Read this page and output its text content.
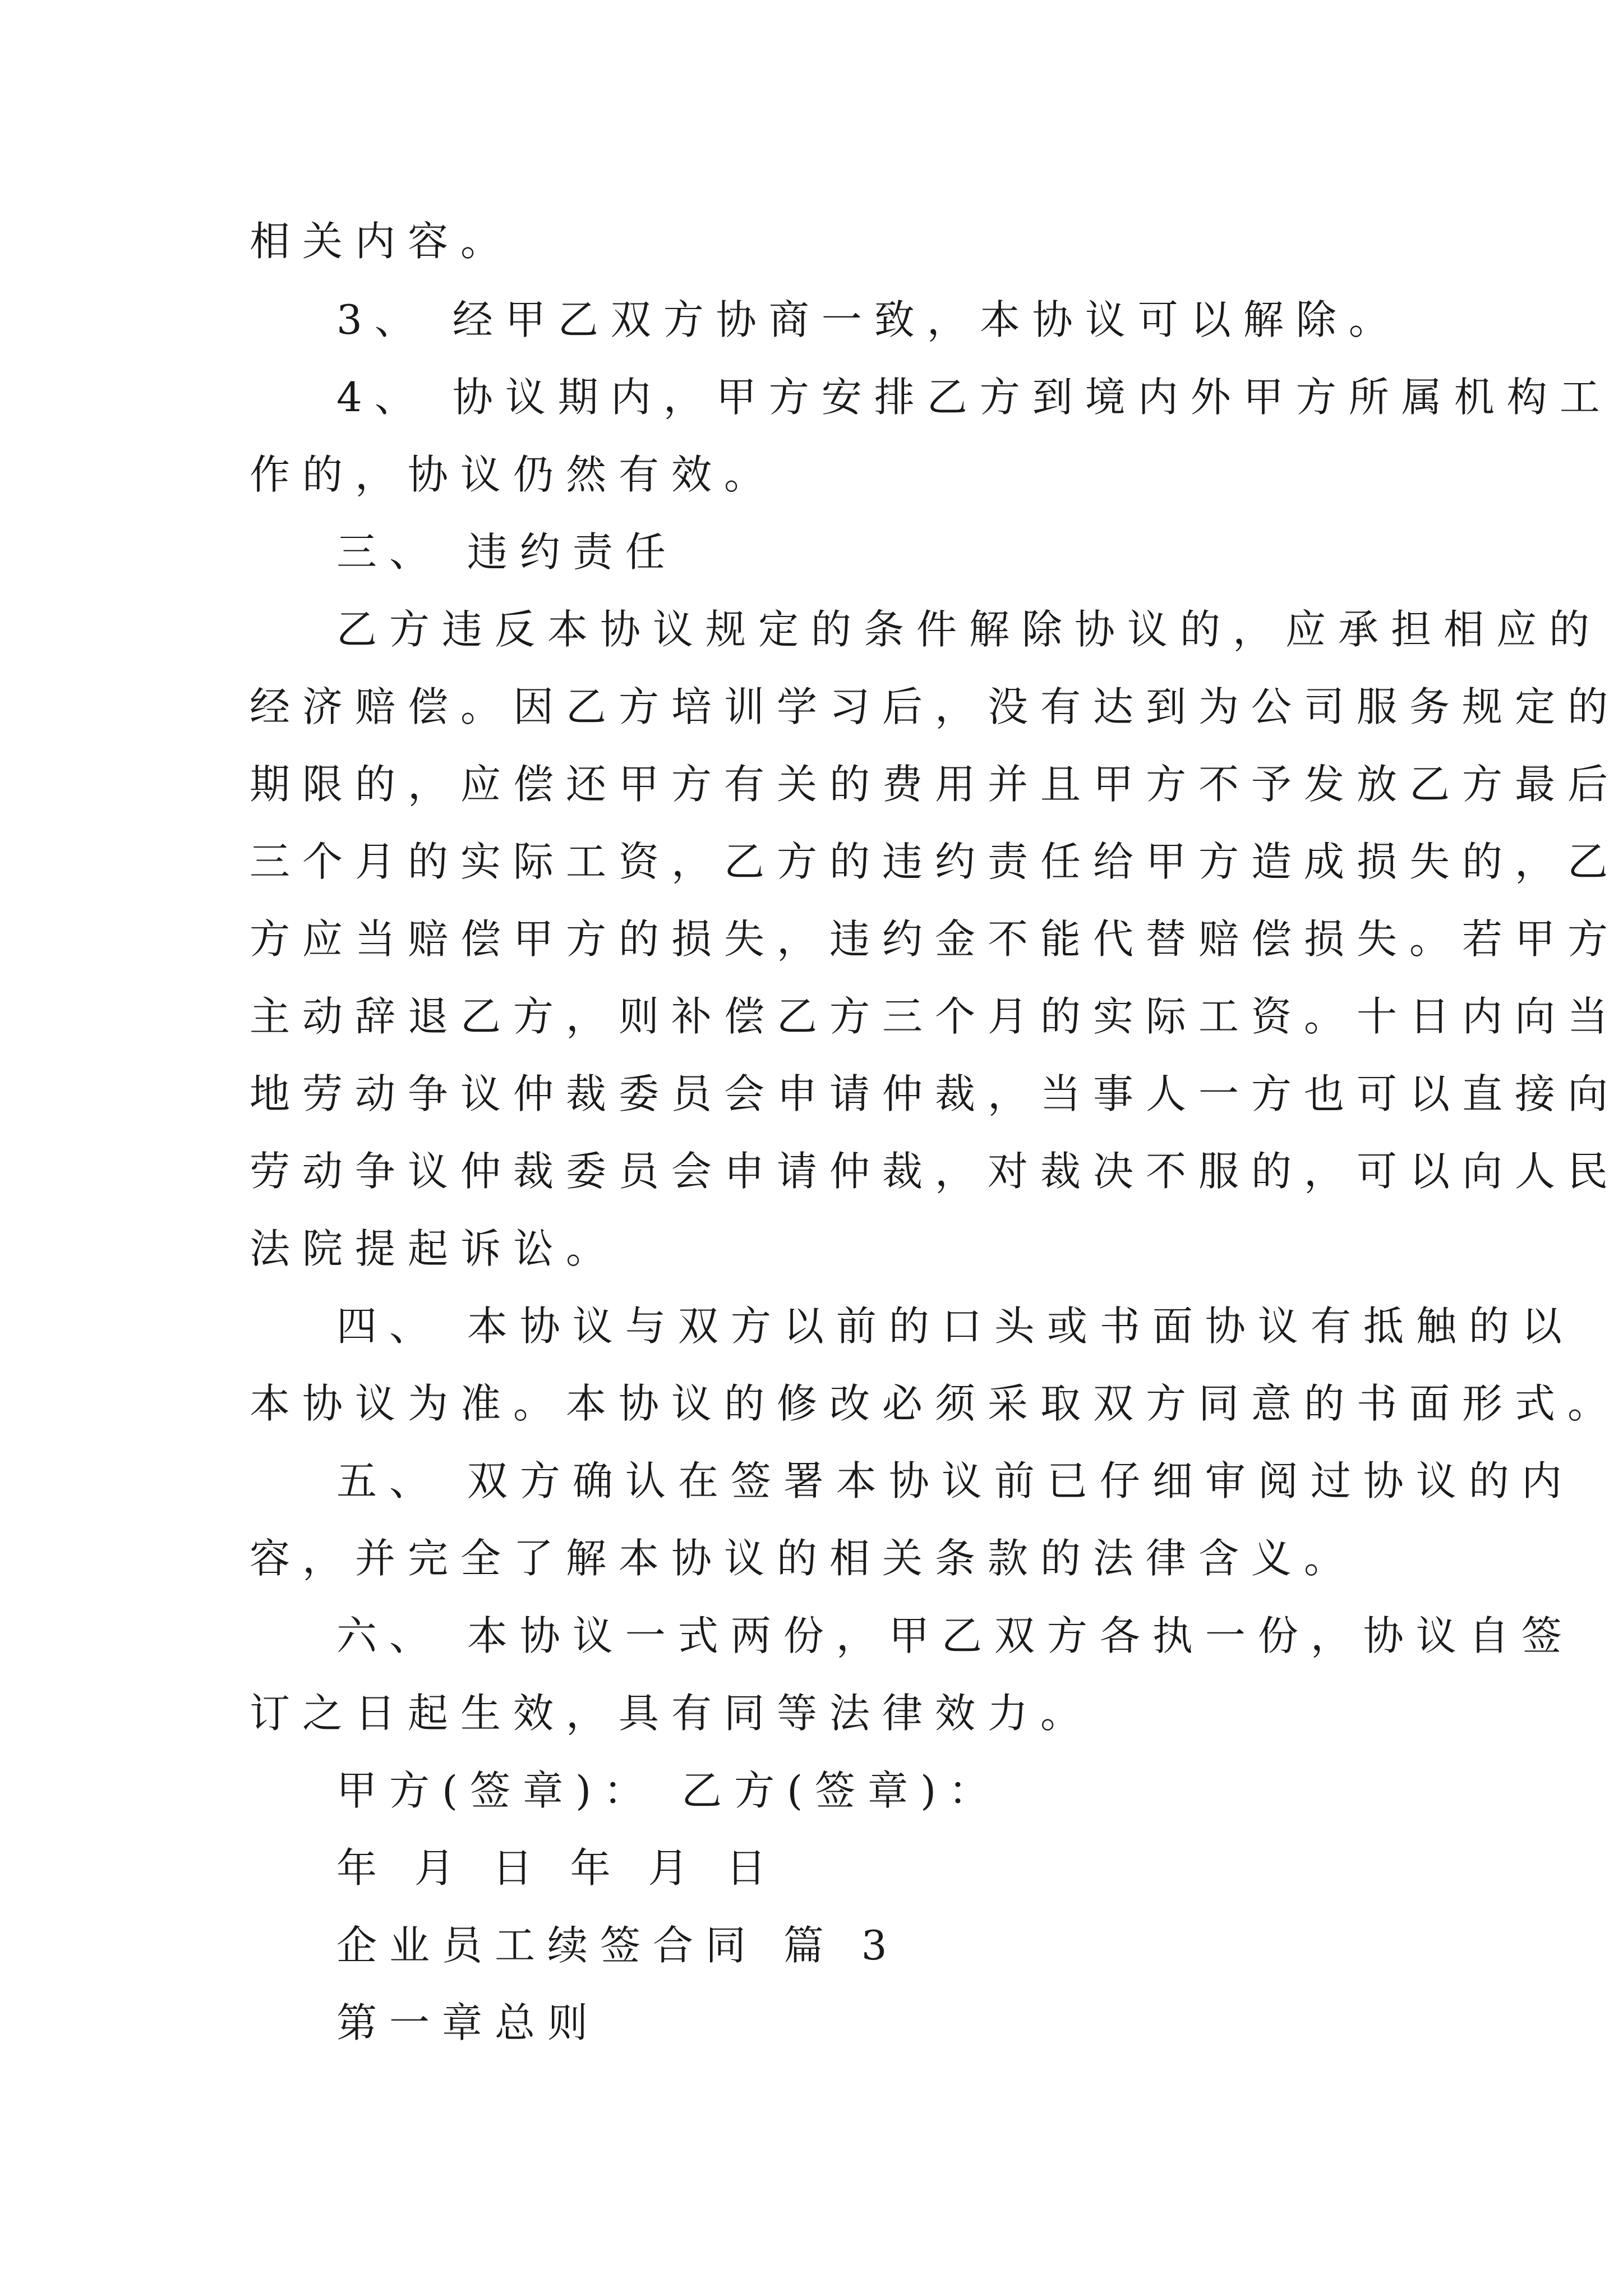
相关内容。
3、 经甲乙双方协商一致，本协议可以解除。
4、 协议期内，甲方安排乙方到境内外甲方所属机构工
作的，协议仍然有效。
三、 违约责任
乙方违反本协议规定的条件解除协议的，应承担相应的
经济赔偿。因乙方培训学习后，没有达到为公司服务规定的
期限的，应偿还甲方有关的费用并且甲方不予发放乙方最后
三个月的实际工资，乙方的违约责任给甲方造成损失的，乙
方应当赔偿甲方的损失，违约金不能代替赔偿损失。若甲方
主动辞退乙方，则补偿乙方三个月的实际工资。十日内向当
地劳动争议仲裁委员会申请仲裁，当事人一方也可以直接向
劳动争议仲裁委员会申请仲裁，对裁决不服的，可以向人民
法院提起诉讼。
四、 本协议与双方以前的口头或书面协议有抵触的以
本协议为准。本协议的修改必须采取双方同意的书面形式。
五、 双方确认在签署本协议前已仔细审阅过协议的内
容，并完全了解本协议的相关条款的法律含义。
六、 本协议一式两份，甲乙双方各执一份，协议自签
订之日起生效，具有同等法律效力。
甲方(签章)： 乙方(签章)：
年 月 日 年 月 日
企业员工续签合同 篇 3
第一章总则
